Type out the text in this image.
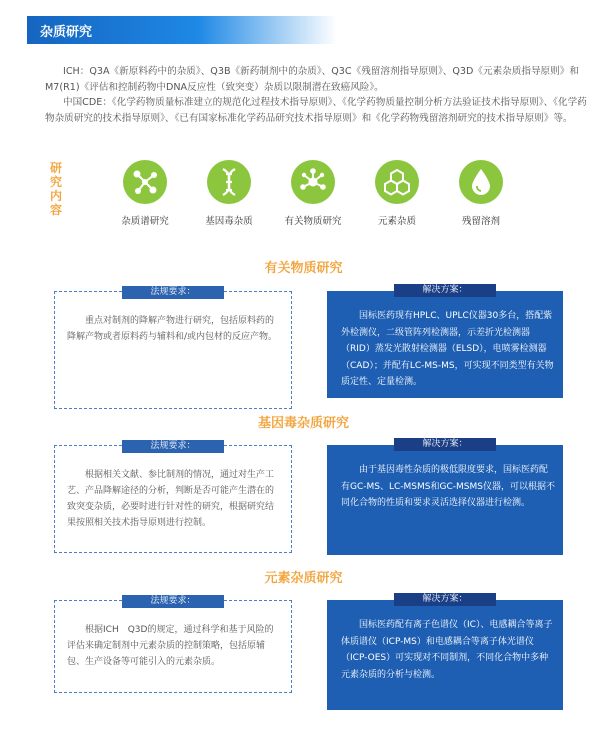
杂质研究

ICH：Q3A《新原料药中的杂质》、Q3B《新药制剂中的杂质》、Q3C《残留溶剂指导原则》、Q3D《元素杂质指导原则》和M7(R1)《评估和控制药物中DNA反应性（致突变）杂质以限制潜在致癌风险》。

中国CDE：《化学药物质量标准建立的规范化过程技术指导原则》、《化学药物质量控制分析方法验证技术指导原则》、《化学药物杂质研究的技术指导原则》、《已有国家标准化学药品研究技术指导原则》和《化学药物残留溶剂研究的技术指导原则》等。

研究内容
杂质谱研究	基因毒杂质	有关物质研究	元素杂质	残留溶剂
有关物质研究
法规要求：

重点对制剂的降解产物进行研究，包括原料药的降解产物或者原料药与辅料和/或内包材的反应产物。

解决方案：

国标医药现有HPLC、UPLC仪器30多台，搭配紫外检测仪，二级管阵列检测器，示差折光检测器（RID）蒸发光散射检测器（ELSD），电喷雾检测器（CAD）；并配有LC-MS-MS，可实现不同类型有关物质定性、定量检测。

基因毒杂质研究
法规要求：

根据相关文献、参比制剂的情况，通过对生产工艺、产品降解途径的分析，判断是否可能产生潜在的致突变杂质，必要时进行针对性的研究，根据研究结果按照相关技术指导原则进行控制。

解决方案：

由于基因毒性杂质的极低限度要求，国标医药配有GC-MS、LC-MSMS和GC-MSMS仪器，可以根据不同化合物的性质和要求灵活选择仪器进行检测。

元素杂质研究
法规要求：

根据ICH　Q3D的规定，通过科学和基于风险的评估来确定制剂中元素杂质的控制策略，包括原辅包、生产设备等可能引入的元素杂质。

解决方案：

国标医药配有离子色谱仪（IC）、电感耦合等离子体质谱仪（ICP-MS）和电感耦合等离子体光谱仪（ICP-OES）可实现对不同制剂，不同化合物中多种元素杂质的分析与检测。
